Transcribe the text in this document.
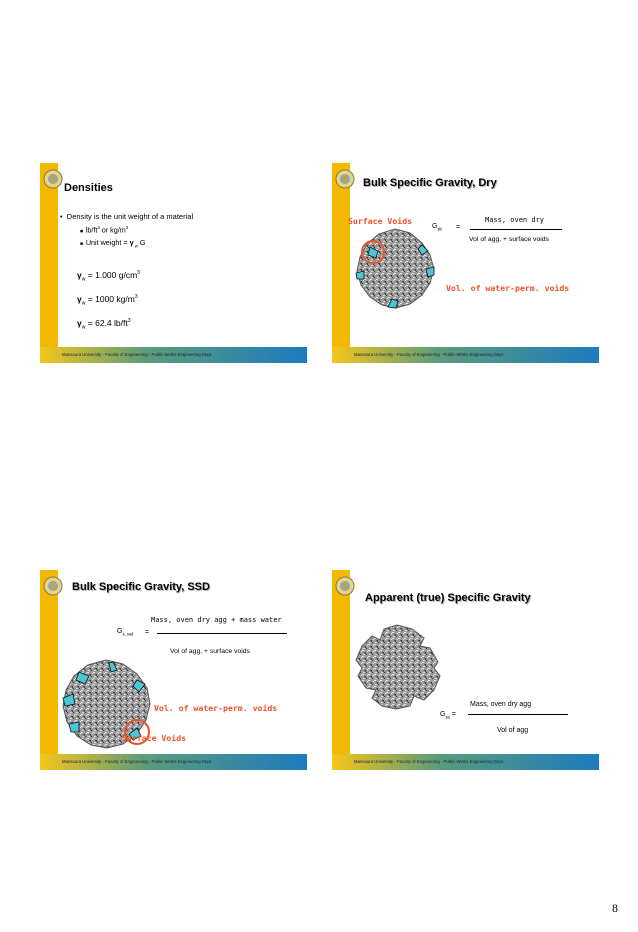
Densities
•  Density is the unit weight of a material
■  $lb/ft^3$ or $kg/m^3$
■  Unit weight = γ $_w$ G
$\gamma_w = 1.000$ $g/cm^3$
$\gamma_w = 1000$ $kg/m^3$
$\gamma_w = 62.4$ $lb/ft^3$
Mansoura University - Faculty of Engineering - Public Works Engineering Dept.
Bulk Specific Gravity, Dry
Surface Voids
$G_{sb}$ =
Mass, oven dry
Vol of agg, + surface voids
Vol. of water-perm. voids
Mansoura University - Faculty of Engineering - Public Works Engineering Dept.
Bulk Specific Gravity, SSD
Mass, oven dry agg + mass water
$G_{s, ssd}$ =
Vol of agg, + surface voids
Vol. of water-perm. voids
Surface Voids
Mansoura University - Faculty of Engineering - Public Works Engineering Dept.
Apparent (true) Specific Gravity
Mass, oven dry agg
$G_{sa}$ =
Vol of agg
Mansoura University - Faculty of Engineering - Public Works Engineering Dept.
8
